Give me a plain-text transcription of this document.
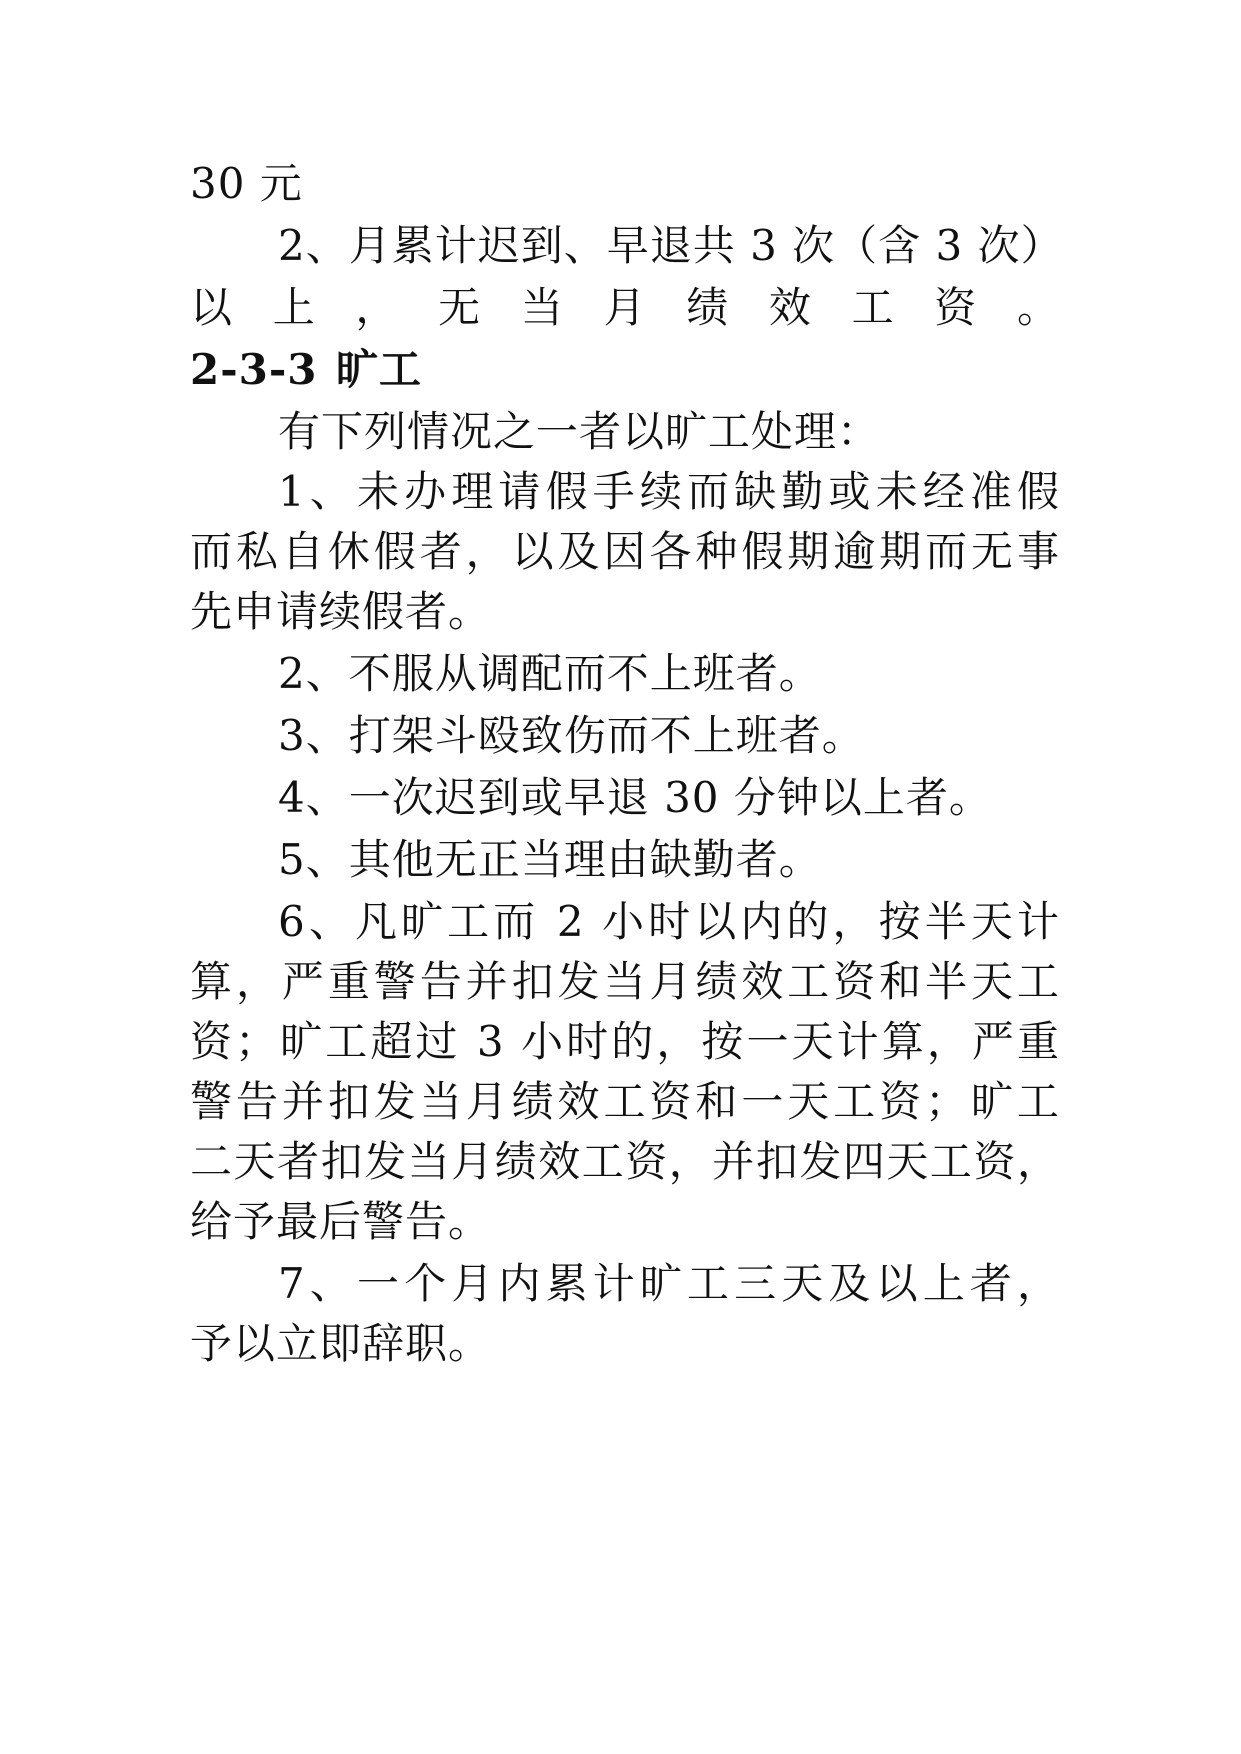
30 元
2、月累计迟到、早退共 3 次（含 3 次）
以上，无当月绩效工资。
2-3-3 旷工
有下列情况之一者以旷工处理：
1、未办理请假手续而缺勤或未经准假
而私自休假者，以及因各种假期逾期而无事
先申请续假者。
2、不服从调配而不上班者。
3、打架斗殴致伤而不上班者。
4、一次迟到或早退 30 分钟以上者。
5、其他无正当理由缺勤者。
6、凡旷工而 2 小时以内的，按半天计
算，严重警告并扣发当月绩效工资和半天工
资；旷工超过 3 小时的，按一天计算，严重
警告并扣发当月绩效工资和一天工资；旷工
二天者扣发当月绩效工资，并扣发四天工资，
给予最后警告。
7、一个月内累计旷工三天及以上者，
予以立即辞职。
